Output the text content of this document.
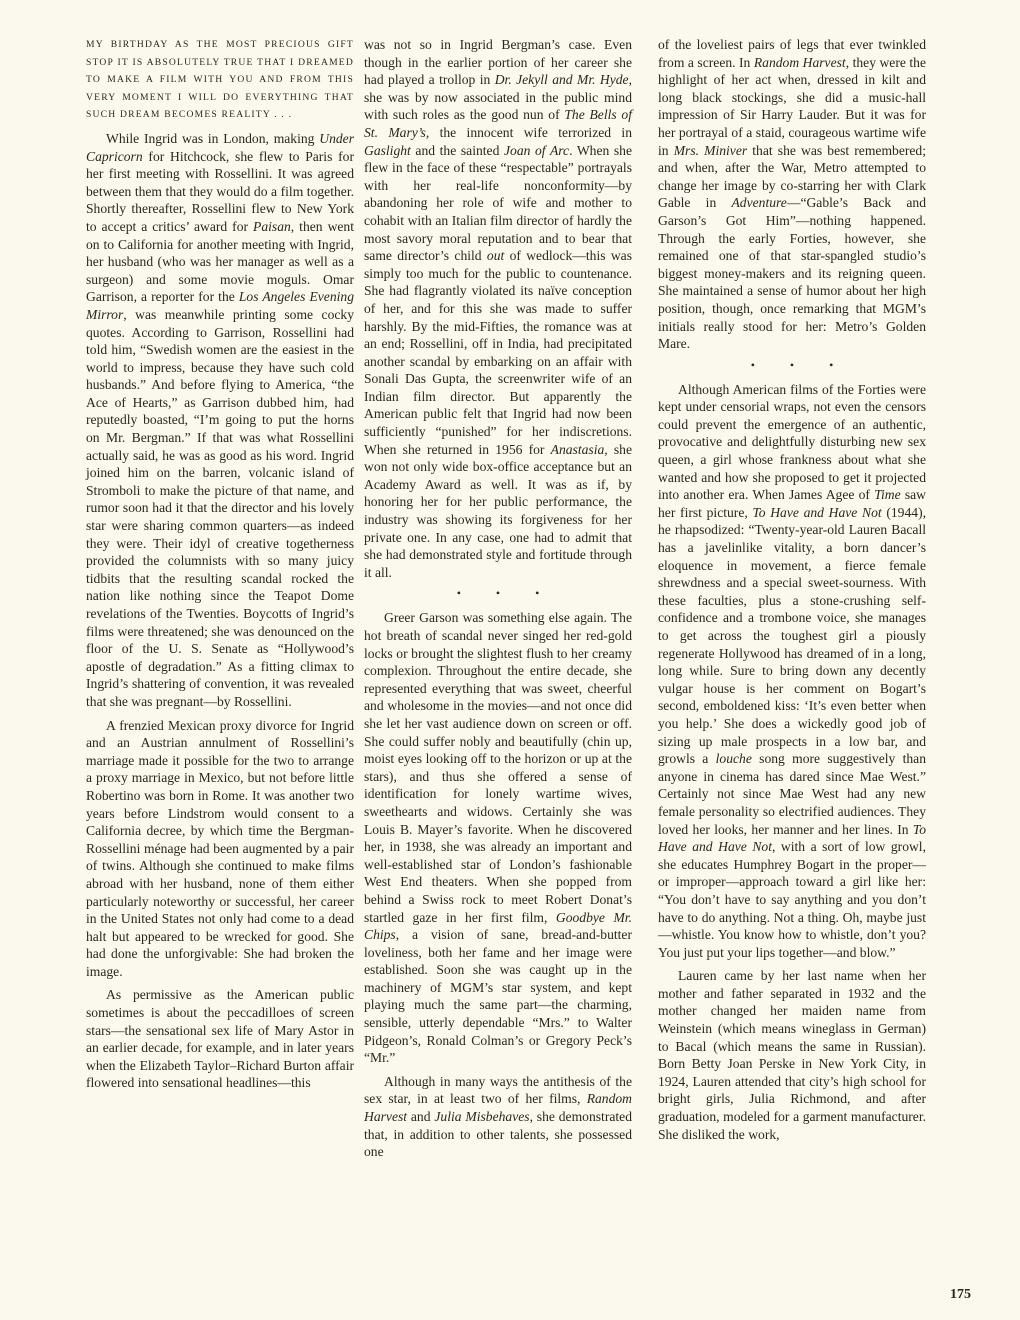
MY BIRTHDAY AS THE MOST PRECIOUS GIFT STOP IT IS ABSOLUTELY TRUE THAT I DREAMED TO MAKE A FILM WITH YOU AND FROM THIS VERY MOMENT I WILL DO EVERYTHING THAT SUCH DREAM BECOMES REALITY . . .

While Ingrid was in London, making Under Capricorn for Hitchcock, she flew to Paris for her first meeting with Rossellini. It was agreed between them that they would do a film together. Shortly thereafter, Rossellini flew to New York to accept a critics’ award for Paisan, then went on to California for another meeting with Ingrid, her husband (who was her manager as well as a surgeon) and some movie moguls. Omar Garrison, a reporter for the Los Angeles Evening Mirror, was meanwhile printing some cocky quotes. According to Garrison, Rossellini had told him, “Swedish women are the easiest in the world to impress, because they have such cold husbands.” And before flying to America, “the Ace of Hearts,” as Garrison dubbed him, had reputedly boasted, “I’m going to put the horns on Mr. Bergman.” If that was what Rossellini actually said, he was as good as his word. Ingrid joined him on the barren, volcanic island of Stromboli to make the picture of that name, and rumor soon had it that the director and his lovely star were sharing common quarters—as indeed they were. Their idyl of creative togetherness provided the columnists with so many juicy tidbits that the resulting scandal rocked the nation like nothing since the Teapot Dome revelations of the Twenties. Boycotts of Ingrid’s films were threatened; she was denounced on the floor of the U. S. Senate as “Hollywood’s apostle of degradation.” As a fitting climax to Ingrid’s shattering of convention, it was revealed that she was pregnant—by Rossellini.

A frenzied Mexican proxy divorce for Ingrid and an Austrian annulment of Rossellini’s marriage made it possible for the two to arrange a proxy marriage in Mexico, but not before little Robertino was born in Rome. It was another two years before Lindstrom would consent to a California decree, by which time the Bergman-Rossellini ménage had been augmented by a pair of twins. Although she continued to make films abroad with her husband, none of them either particularly noteworthy or successful, her career in the United States not only had come to a dead halt but appeared to be wrecked for good. She had done the unforgivable: She had broken the image.

As permissive as the American public sometimes is about the peccadilloes of screen stars—the sensational sex life of Mary Astor in an earlier decade, for example, and in later years when the Elizabeth Taylor–Richard Burton affair flowered into sensational headlines—this

was not so in Ingrid Bergman’s case. Even though in the earlier portion of her career she had played a trollop in Dr. Jekyll and Mr. Hyde, she was by now associated in the public mind with such roles as the good nun of The Bells of St. Mary’s, the innocent wife terrorized in Gaslight and the sainted Joan of Arc. When she flew in the face of these “respectable” portrayals with her real-life nonconformity—by abandoning her role of wife and mother to cohabit with an Italian film director of hardly the most savory moral reputation and to bear that same director’s child out of wedlock—this was simply too much for the public to countenance. She had flagrantly violated its naïve conception of her, and for this she was made to suffer harshly. By the mid-Fifties, the romance was at an end; Rossellini, off in India, had precipitated another scandal by embarking on an affair with Sonali Das Gupta, the screenwriter wife of an Indian film director. But apparently the American public felt that Ingrid had now been sufficiently “punished” for her indiscretions. When she returned in 1956 for Anastasia, she won not only wide box-office acceptance but an Academy Award as well. It was as if, by honoring her for her public performance, the industry was showing its forgiveness for her private one. In any case, one had to admit that she had demonstrated style and fortitude through it all.

• • •

Greer Garson was something else again. The hot breath of scandal never singed her red-gold locks or brought the slightest flush to her creamy complexion. Throughout the entire decade, she represented everything that was sweet, cheerful and wholesome in the movies—and not once did she let her vast audience down on screen or off. She could suffer nobly and beautifully (chin up, moist eyes looking off to the horizon or up at the stars), and thus she offered a sense of identification for lonely wartime wives, sweethearts and widows. Certainly she was Louis B. Mayer’s favorite. When he discovered her, in 1938, she was already an important and well-established star of London’s fashionable West End theaters. When she popped from behind a Swiss rock to meet Robert Donat’s startled gaze in her first film, Goodbye Mr. Chips, a vision of sane, bread-and-butter loveliness, both her fame and her image were established. Soon she was caught up in the machinery of MGM’s star system, and kept playing much the same part—the charming, sensible, utterly dependable “Mrs.” to Walter Pidgeon’s, Ronald Colman’s or Gregory Peck’s “Mr.”

Although in many ways the antithesis of the sex star, in at least two of her films, Random Harvest and Julia Misbehaves, she demonstrated that, in addition to other talents, she possessed one

of the loveliest pairs of legs that ever twinkled from a screen. In Random Harvest, they were the highlight of her act when, dressed in kilt and long black stockings, she did a music-hall impression of Sir Harry Lauder. But it was for her portrayal of a staid, courageous wartime wife in Mrs. Miniver that she was best remembered; and when, after the War, Metro attempted to change her image by co-starring her with Clark Gable in Adventure—“Gable’s Back and Garson’s Got Him”—nothing happened. Through the early Forties, however, she remained one of that star-spangled studio’s biggest money-makers and its reigning queen. She maintained a sense of humor about her high position, though, once remarking that MGM’s initials really stood for her: Metro’s Golden Mare.

• • •

Although American films of the Forties were kept under censorial wraps, not even the censors could prevent the emergence of an authentic, provocative and delightfully disturbing new sex queen, a girl whose frankness about what she wanted and how she proposed to get it projected into another era. When James Agee of Time saw her first picture, To Have and Have Not (1944), he rhapsodized: “Twenty-year-old Lauren Bacall has a javelinlike vitality, a born dancer’s eloquence in movement, a fierce female shrewdness and a special sweet-sourness. With these faculties, plus a stone-crushing self-confidence and a trombone voice, she manages to get across the toughest girl a piously regenerate Hollywood has dreamed of in a long, long while. Sure to bring down any decently vulgar house is her comment on Bogart’s second, emboldened kiss: ‘It’s even better when you help.’ She does a wickedly good job of sizing up male prospects in a low bar, and growls a louche song more suggestively than anyone in cinema has dared since Mae West.” Certainly not since Mae West had any new female personality so electrified audiences. They loved her looks, her manner and her lines. In To Have and Have Not, with a sort of low growl, she educates Humphrey Bogart in the proper—or improper—approach toward a girl like her: “You don’t have to say anything and you don’t have to do anything. Not a thing. Oh, maybe just—whistle. You know how to whistle, don’t you? You just put your lips together—and blow.”

Lauren came by her last name when her mother and father separated in 1932 and the mother changed her maiden name from Weinstein (which means wineglass in German) to Bacal (which means the same in Russian). Born Betty Joan Perske in New York City, in 1924, Lauren attended that city’s high school for bright girls, Julia Richmond, and after graduation, modeled for a garment manufacturer. She disliked the work,

175
